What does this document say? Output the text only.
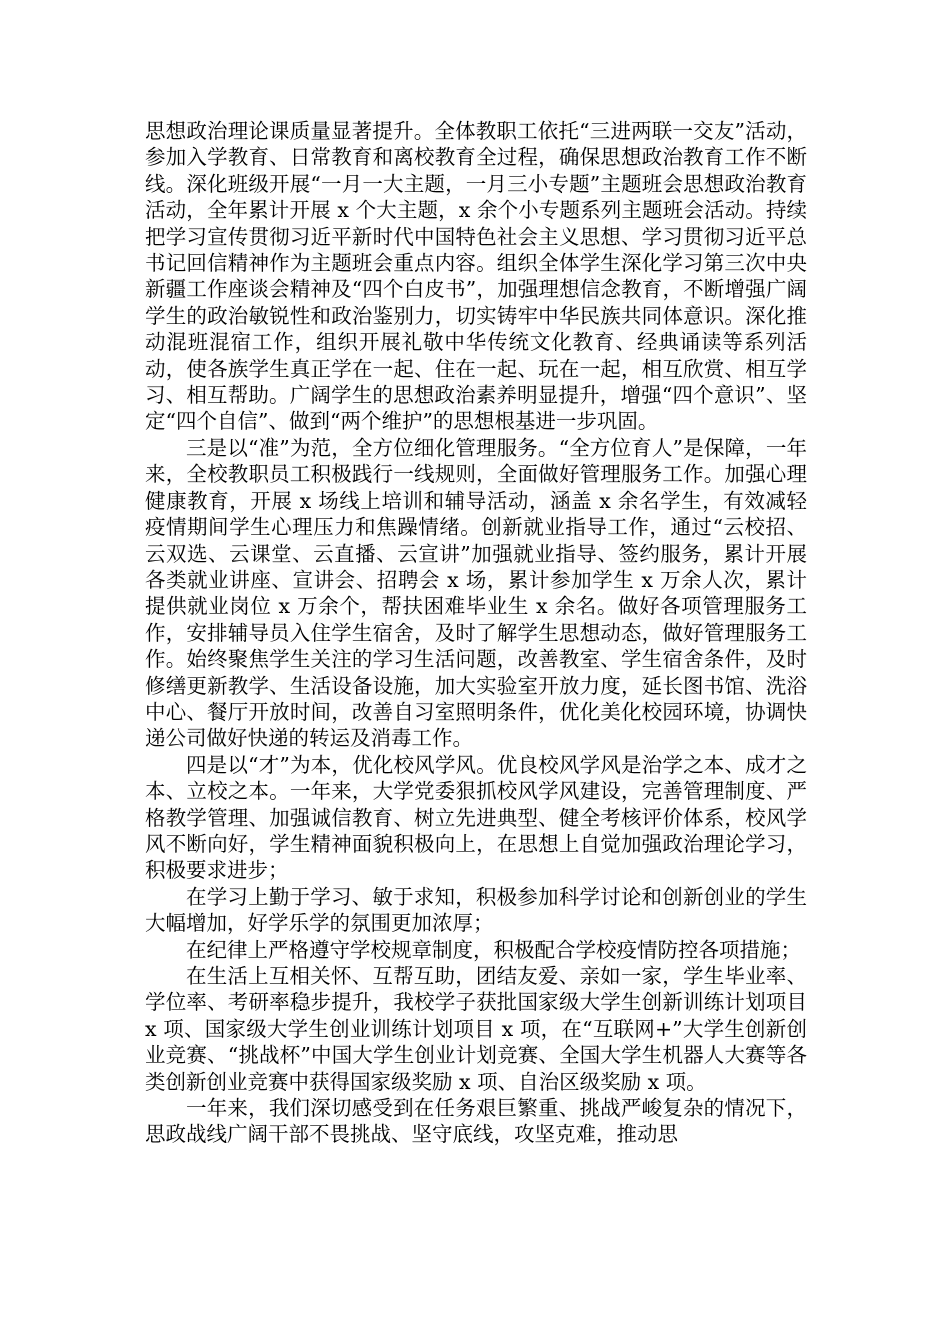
思想政治理论课质量显著提升。全体教职工依托“三进两联一交友”活动，参加入学教育、日常教育和离校教育全过程，确保思想政治教育工作不断线。深化班级开展“一月一大主题，一月三小专题”主题班会思想政治教育活动，全年累计开展 x 个大主题，x 余个小专题系列主题班会活动。持续把学习宣传贯彻习近平新时代中国特色社会主义思想、学习贯彻习近平总书记回信精神作为主题班会重点内容。组织全体学生深化学习第三次中央新疆工作座谈会精神及“四个白皮书”，加强理想信念教育，不断增强广阔学生的政治敏锐性和政治鉴别力，切实铸牢中华民族共同体意识。深化推动混班混宿工作，组织开展礼敬中华传统文化教育、经典诵读等系列活动，使各族学生真正学在一起、住在一起、玩在一起，相互欣赏、相互学习、相互帮助。广阔学生的思想政治素养明显提升，增强“四个意识”、坚定“四个自信”、做到“两个维护”的思想根基进一步巩固。

三是以“准”为范，全方位细化管理服务。“全方位育人”是保障，一年来，全校教职员工积极践行一线规则，全面做好管理服务工作。加强心理健康教育，开展 x 场线上培训和辅导活动，涵盖 x 余名学生，有效减轻疫情期间学生心理压力和焦躁情绪。创新就业指导工作，通过“云校招、云双选、云课堂、云直播、云宣讲”加强就业指导、签约服务，累计开展各类就业讲座、宣讲会、招聘会 x 场，累计参加学生 x 万余人次，累计提供就业岗位 x 万余个，帮扶困难毕业生 x 余名。做好各项管理服务工作，安排辅导员入住学生宿舍，及时了解学生思想动态，做好管理服务工作。始终聚焦学生关注的学习生活问题，改善教室、学生宿舍条件，及时修缮更新教学、生活设备设施，加大实验室开放力度，延长图书馆、洗浴中心、餐厅开放时间，改善自习室照明条件，优化美化校园环境，协调快递公司做好快递的转运及消毒工作。

四是以“才”为本，优化校风学风。优良校风学风是治学之本、成才之本、立校之本。一年来，大学党委狠抓校风学风建设，完善管理制度、严格教学管理、加强诚信教育、树立先进典型、健全考核评价体系，校风学风不断向好，学生精神面貌积极向上，在思想上自觉加强政治理论学习，积极要求进步；

在学习上勤于学习、敏于求知，积极参加科学讨论和创新创业的学生大幅增加，好学乐学的氛围更加浓厚；

在纪律上严格遵守学校规章制度，积极配合学校疫情防控各项措施；

在生活上互相关怀、互帮互助，团结友爱、亲如一家，学生毕业率、学位率、考研率稳步提升，我校学子获批国家级大学生创新训练计划项目 x 项、国家级大学生创业训练计划项目 x 项，在“互联网+”大学生创新创业竞赛、“挑战杯”中国大学生创业计划竞赛、全国大学生机器人大赛等各类创新创业竞赛中获得国家级奖励 x 项、自治区级奖励 x 项。

一年来，我们深切感受到在任务艰巨繁重、挑战严峻复杂的情况下，思政战线广阔干部不畏挑战、坚守底线，攻坚克难，推动思
